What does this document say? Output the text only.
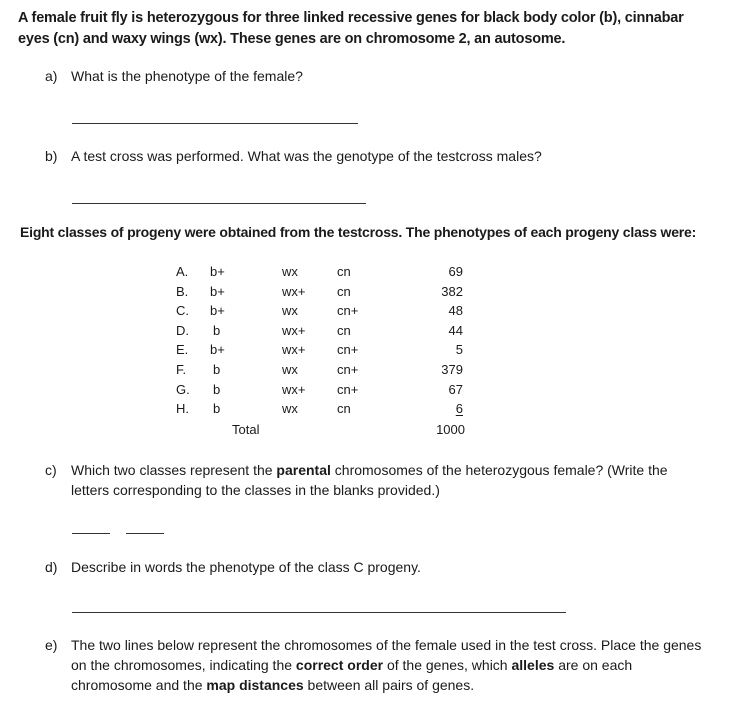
A female fruit fly is heterozygous for three linked recessive genes for black body color (b), cinnabar eyes (cn) and waxy wings (wx). These genes are on chromosome 2, an autosome.
a) What is the phenotype of the female?
b) A test cross was performed. What was the genotype of the testcross males?
Eight classes of progeny were obtained from the testcross. The phenotypes of each progeny class were:
A. b+	wx	cn	69
B. b+	wx+ cn	382
C. b+	wx	cn+	48
D. b	wx+ cn	44
E. b+	wx+ cn+	5
F. b	wx	cn+	379
G. b	wx+ cn+	67
H. b	wx	cn	6
Total	1000
c) Which two classes represent the parental chromosomes of the heterozygous female? (Write the letters corresponding to the classes in the blanks provided.)
d) Describe in words the phenotype of the class C progeny.
e) The two lines below represent the chromosomes of the female used in the test cross. Place the genes on the chromosomes, indicating the correct order of the genes, which alleles are on each chromosome and the map distances between all pairs of genes.
